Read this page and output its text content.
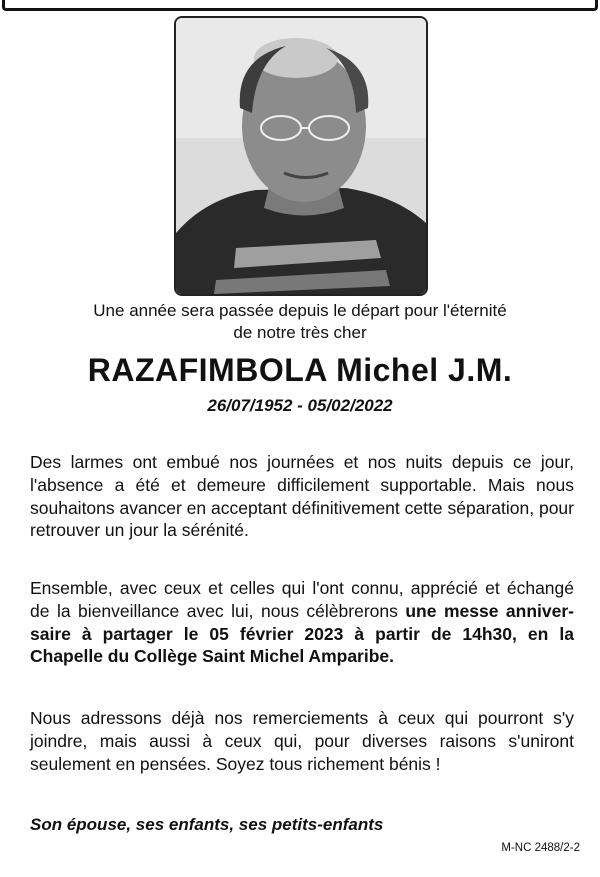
Une année sera passée depuis le départ pour l'éternité
de notre très cher
RAZAFIMBOLA Michel J.M.
26/07/1952 - 05/02/2022

Des larmes ont embué nos journées et nos nuits depuis ce jour, l'absence a été et demeure difficilement supportable. Mais nous souhaitons avancer en acceptant définitivement cette séparation, pour retrouver un jour la sérénité.

Ensemble, avec ceux et celles qui l'ont connu, apprécié et échangé de la bienveillance avec lui, nous célèbrerons une messe anniver-saire à partager le 05 février 2023 à partir de 14h30, en la Chapelle du Collège Saint Michel Amparibe.

Nous adressons déjà nos remerciements à ceux qui pourront s'y joindre, mais aussi à ceux qui, pour diverses raisons s'uniront seulement en pensées. Soyez tous richement bénis !

Son épouse, ses enfants, ses petits-enfants
M-NC 2488/2-2
